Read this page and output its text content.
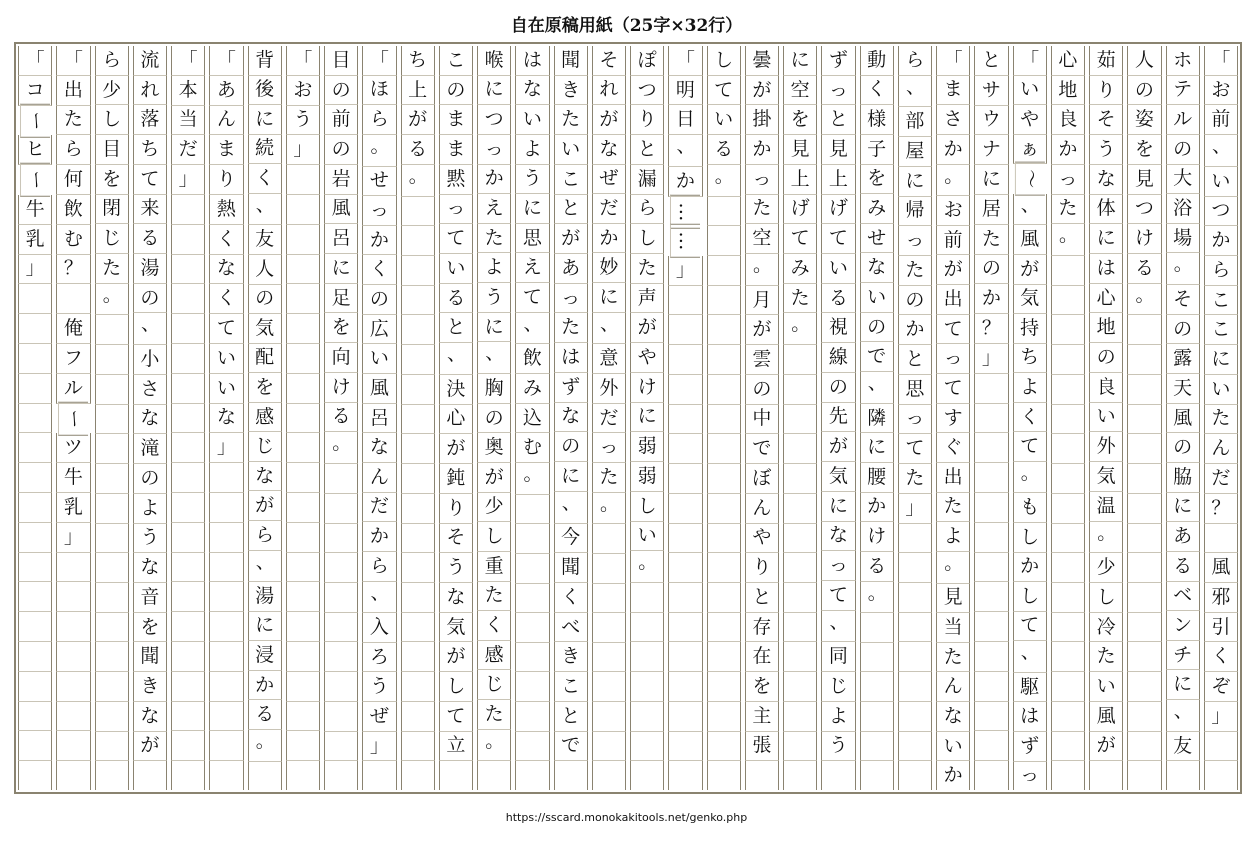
自在原稿用紙（25字×32行）
「
お
前
、
い
つ
か
ら
こ
こ
に
い
た
ん
だ
？
風
邪
引
く
ぞ
」
ホ
テ
ル
の
大
浴
場
。
そ
の
露
天
風
の
脇
に
あ
る
ベ
ン
チ
に
、
友
人
の
姿
を
見
つ
け
る
。
茹
り
そ
う
な
体
に
は
心
地
の
良
い
外
気
温
。
少
し
冷
た
い
風
が
心
地
良
か
っ
た
。
「
い
や
ぁ
〜
、
風
が
気
持
ち
よ
く
て
。
も
し
か
し
て
、
駆
は
ず
っ
と
サ
ウ
ナ
に
居
た
の
か
？
」
「
ま
さ
か
。
お
前
が
出
て
っ
て
す
ぐ
出
た
よ
。
見
当
た
ん
な
い
か
ら
、
部
屋
に
帰
っ
た
の
か
と
思
っ
て
た
」
動
く
様
子
を
み
せ
な
い
の
で
、
隣
に
腰
か
け
る
。
ず
っ
と
見
上
げ
て
い
る
視
線
の
先
が
気
に
な
っ
て
、
同
じ
よ
う
に
空
を
見
上
げ
て
み
た
。
曇
が
掛
か
っ
た
空
。
月
が
雲
の
中
で
ぼ
ん
や
り
と
存
在
を
主
張
し
て
い
る
。
「
明
日
、
か
…
…
」
ぽ
つ
り
と
漏
ら
し
た
声
が
や
け
に
弱
弱
し
い
。
そ
れ
が
な
ぜ
だ
か
妙
に
、
意
外
だ
っ
た
。
聞
き
た
い
こ
と
が
あ
っ
た
は
ず
な
の
に
、
今
聞
く
べ
き
こ
と
で
は
な
い
よ
う
に
思
え
て
、
飲
み
込
む
。
喉
に
つ
っ
か
え
た
よ
う
に
、
胸
の
奥
が
少
し
重
た
く
感
じ
た
。
こ
の
ま
ま
黙
っ
て
い
る
と
、
決
心
が
鈍
り
そ
う
な
気
が
し
て
立
ち
上
が
る
。
「
ほ
ら
。
せ
っ
か
く
の
広
い
風
呂
な
ん
だ
か
ら
、
入
ろ
う
ぜ
」
目
の
前
の
岩
風
呂
に
足
を
向
け
る
。
「
お
う
」
背
後
に
続
く
、
友
人
の
気
配
を
感
じ
な
が
ら
、
湯
に
浸
か
る
。
「
あ
ん
ま
り
熱
く
な
く
て
い
い
な
」
「
本
当
だ
」
流
れ
落
ち
て
来
る
湯
の
、
小
さ
な
滝
の
よ
う
な
音
を
聞
き
な
が
ら
少
し
目
を
閉
じ
た
。
「
出
た
ら
何
飲
む
？
俺
フ
ル
ー
ツ
牛
乳
」
「
コ
ー
ヒ
ー
牛
乳
」
https://sscard.monokakitools.net/genko.php
